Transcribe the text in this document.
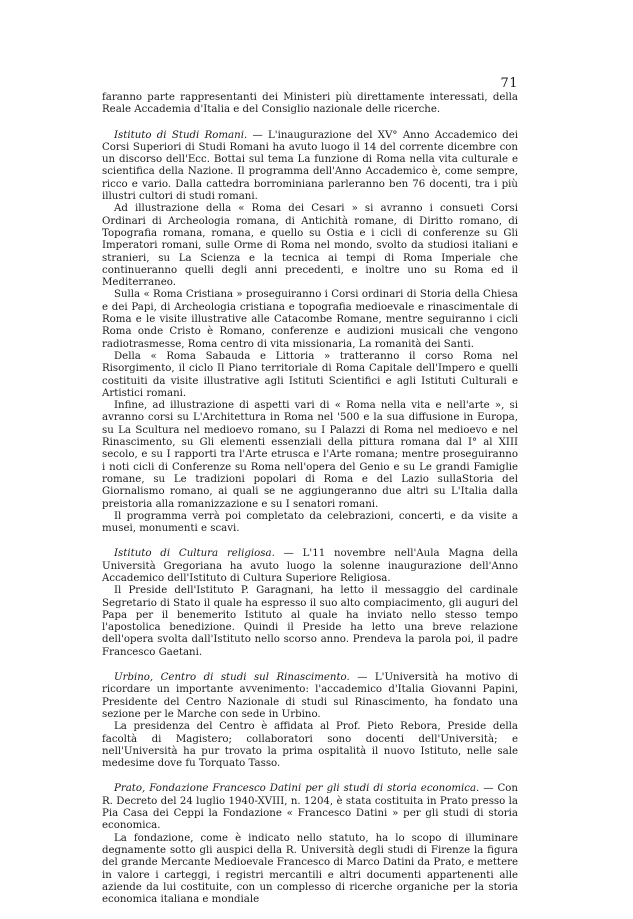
71

faranno parte rappresentanti dei Ministeri più direttamente interessati, della Reale Accademia d'Italia e del Consiglio nazionale delle ricerche.

Istituto di Studi Romani. — L'inaugurazione del XV° Anno Accademico dei Corsi Superiori di Studi Romani ha avuto luogo il 14 del corrente dicembre con un discorso dell'Ecc. Bottai sul tema La funzione di Roma nella vita culturale e scientifica della Nazione. Il programma dell'Anno Accademico è, come sempre, ricco e vario. Dalla cattedra borrominiana parleranno ben 76 docenti, tra i più illustri cultori di studi romani.

Ad illustrazione della « Roma dei Cesari » si avranno i consueti Corsi Ordinari di Archeologia romana, di Antichità romane, di Diritto romano, di Topografia romana, romana, e quello su Ostia e i cicli di conferenze su Gli Imperatori romani, sulle Orme di Roma nel mondo, svolto da studiosi italiani e stranieri, su La Scienza e la tecnica ai tempi di Roma Imperiale che continueranno quelli degli anni precedenti, e inoltre uno su Roma ed il Mediterraneo.

Sulla « Roma Cristiana » proseguiranno i Corsi ordinari di Storia della Chiesa e dei Papi, di Archeologia cristiana e topografia medioevale e rinascimentale di Roma e le visite illustrative alle Catacombe Romane, mentre seguiranno i cicli Roma onde Cristo è Romano, conferenze e audizioni musicali che vengono radiotrasmesse, Roma centro di vita missionaria, La romanità dei Santi.

Della « Roma Sabauda e Littoria » tratteranno il corso Roma nel Risorgimento, il ciclo Il Piano territoriale di Roma Capitale dell'Impero e quelli costituiti da visite illustrative agli Istituti Scientifici e agli Istituti Culturali e Artistici romani.

Infine, ad illustrazione di aspetti vari di « Roma nella vita e nell'arte », si avranno corsi su L'Architettura in Roma nel '500 e la sua diffusione in Europa, su La Scultura nel medioevo romano, su I Palazzi di Roma nel medioevo e nel Rinascimento, su Gli elementi essenziali della pittura romana dal I° al XIII secolo, e su I rapporti tra l'Arte etrusca e l'Arte romana; mentre proseguiranno i noti cicli di Conferenze su Roma nell'opera del Genio e su Le grandi Famiglie romane, su Le tradizioni popolari di Roma e del Lazio sullaStoria del Giornalismo romano, ai quali se ne aggiungeranno due altri su L'Italia dalla preistoria alla romanizzazione e su I senatori romani.

Il programma verrà poi completato da celebrazioni, concerti, e da visite a musei, monumenti e scavi.

Istituto di Cultura religiosa. — L'11 novembre nell'Aula Magna della Università Gregoriana ha avuto luogo la solenne inaugurazione dell'Anno Accademico dell'Istituto di Cultura Superiore Religiosa.

Il Preside dell'Istituto P. Garagnani, ha letto il messaggio del cardinale Segretario di Stato il quale ha espresso il suo alto compiacimento, gli auguri del Papa per il benemerito Istituto al quale ha inviato nello stesso tempo l'apostolica benedizione. Quindi il Preside ha letto una breve relazione dell'opera svolta dall'Istituto nello scorso anno. Prendeva la parola poi, il padre Francesco Gaetani.

Urbino, Centro di studi sul Rinascimento. — L'Università ha motivo di ricordare un importante avvenimento: l'accademico d'Italia Giovanni Papini, Presidente del Centro Nazionale di studi sul Rinascimento, ha fondato una sezione per le Marche con sede in Urbino.

La presidenza del Centro è affidata al Prof. Pieto Rebora, Preside della facoltà di Magistero; collaboratori sono docenti dell'Università; e nell'Università ha pur trovato la prima ospitalità il nuovo Istituto, nelle sale medesime dove fu Torquato Tasso.

Prato, Fondazione Francesco Datini per gli studi di storia economica. — Con R. Decreto del 24 luglio 1940-XVIII, n. 1204, è stata costituita in Prato presso la Pia Casa dei Ceppi la Fondazione « Francesco Datini » per gli studi di storia economica.

La fondazione, come è indicato nello statuto, ha lo scopo di illuminare degnamente sotto gli auspici della R. Università degli studi di Firenze la figura del grande Mercante Medioevale Francesco di Marco Datini da Prato, e mettere in valore i carteggi, i registri mercantili e altri documenti appartenenti alle aziende da lui costituite, con un complesso di ricerche organiche per la storia economica italiana e mondiale
